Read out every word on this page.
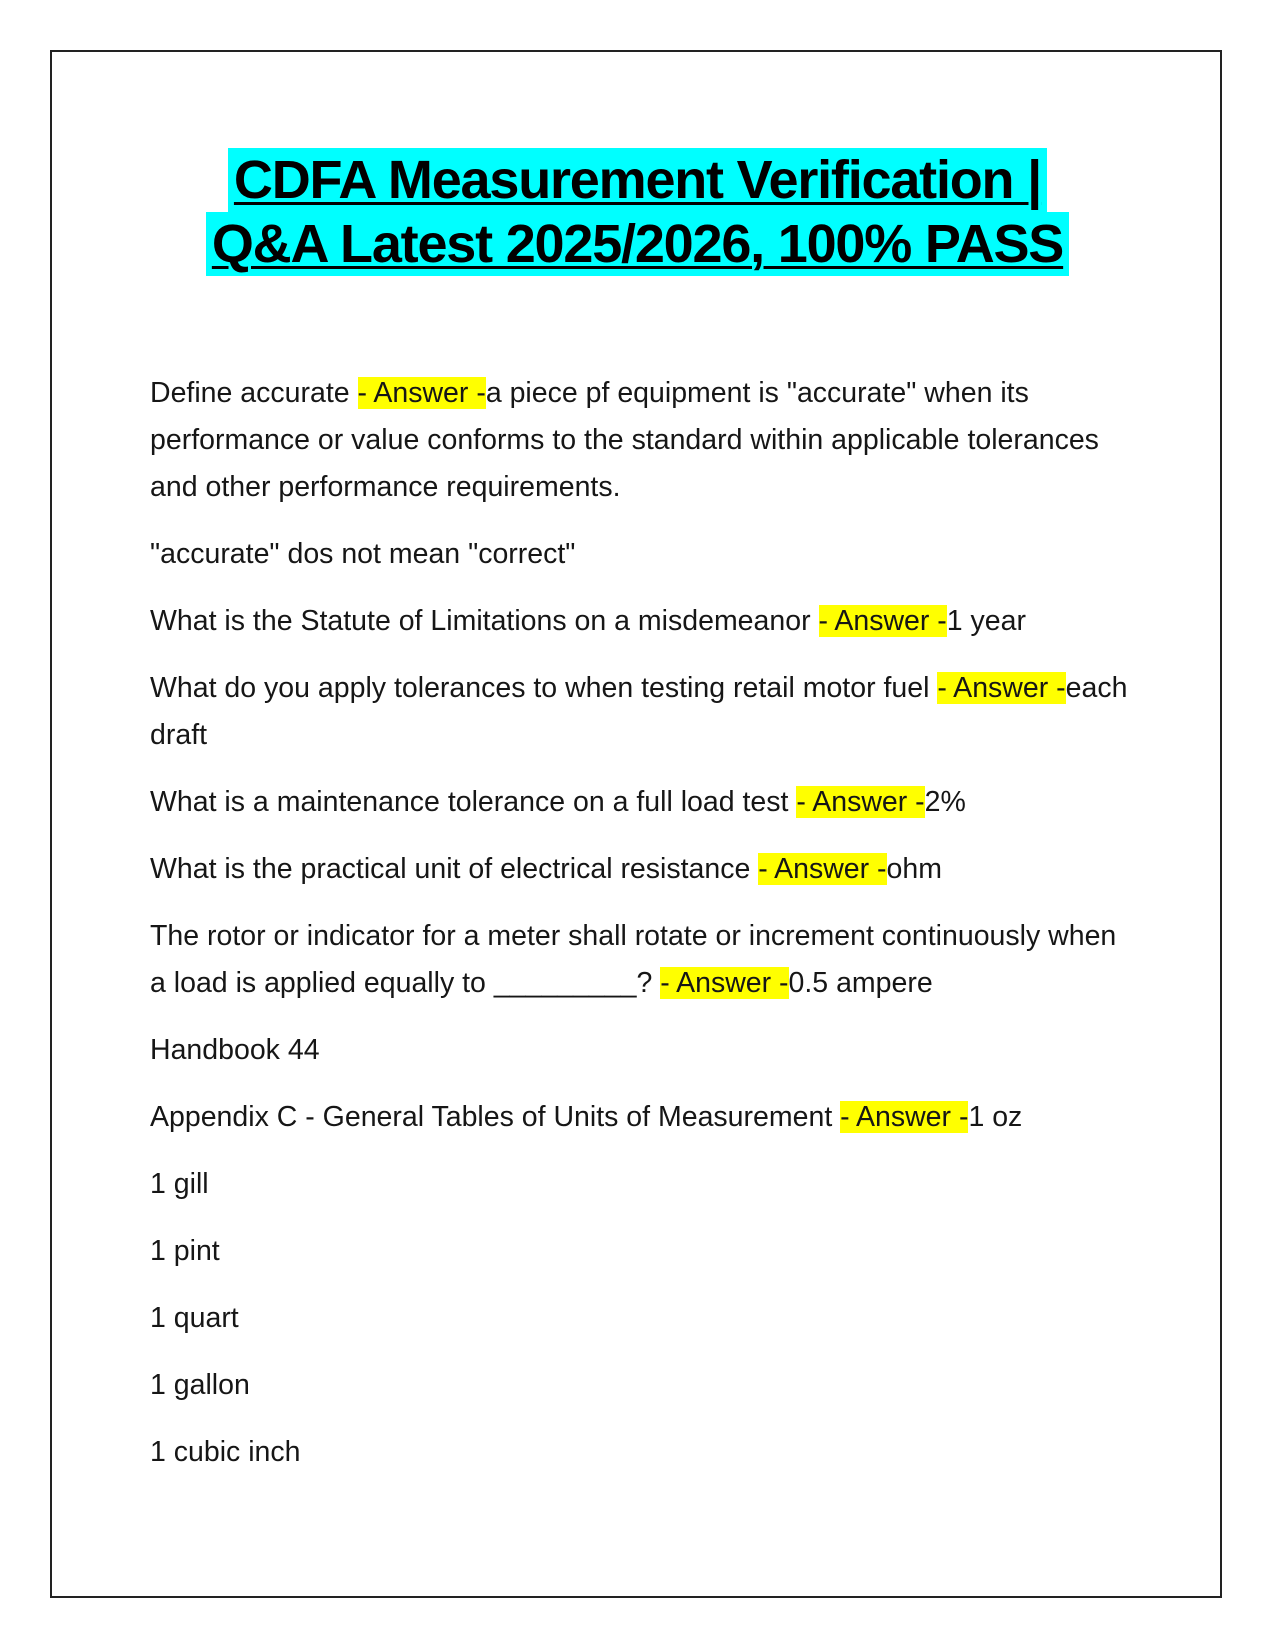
CDFA Measurement Verification |
Q&A Latest 2025/2026, 100% PASS

Define accurate - Answer -a piece pf equipment is "accurate" when its performance or value conforms to the standard within applicable tolerances and other performance requirements.

"accurate" dos not mean "correct"

What is the Statute of Limitations on a misdemeanor - Answer -1 year

What do you apply tolerances to when testing retail motor fuel - Answer -each draft

What is a maintenance tolerance on a full load test - Answer -2%

What is the practical unit of electrical resistance - Answer -ohm

The rotor or indicator for a meter shall rotate or increment continuously when a load is applied equally to _________? - Answer -0.5 ampere

Handbook 44

Appendix C - General Tables of Units of Measurement - Answer -1 oz

1 gill

1 pint

1 quart

1 gallon

1 cubic inch
